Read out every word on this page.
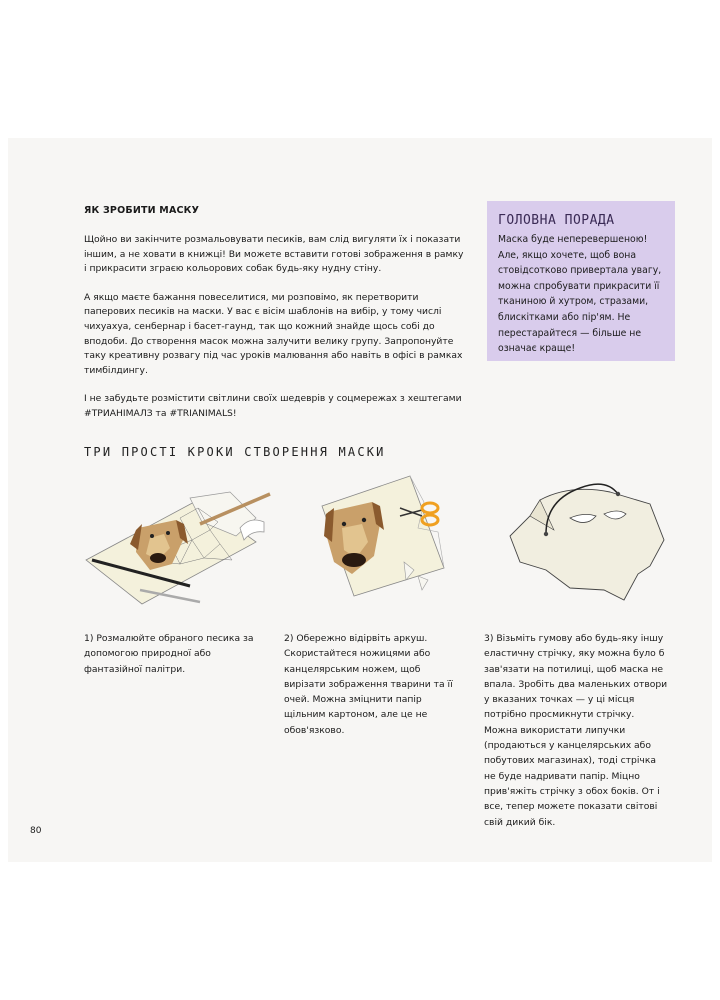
ЯК ЗРОБИТИ МАСКУ

Щойно ви закінчите розмальовувати песиків, вам слід вигуляти їх і показати іншим, а не ховати в книжці! Ви можете вставити готові зображення в рамку і прикрасити зграєю кольорових собак будь-яку нудну стіну.

А якщо маєте бажання повеселитися, ми розповімо, як перетворити паперових песиків на маски. У вас є вісім шаблонів на вибір, у тому числі чихуахуа, сенбернар і басет-гаунд, так що кожний знайде щось собі до вподоби. До створення масок можна залучити велику групу. Запропонуйте таку креативну розвагу під час уроків малювання або навіть в офісі в рамках тимбілдингу.

І не забудьте розмістити світлини своїх шедеврів у соцмережах з хештегами #ТРИАНІМАЛЗ та #TRIANIMALS!

ГОЛОВНА ПОРАДА
Маска буде неперевершеною! Але, якщо хочете, щоб вона стовідсотково привертала увагу, можна спробувати прикрасити її тканиною й хутром, стразами, блискітками або пір'ям. Не перестарайтеся — більше не означає краще!
ТРИ ПРОСТІ КРОКИ СТВОРЕННЯ МАСКИ
1) Розмалюйте обраного песика за допомогою природної або фантазійної палітри.
2) Обережно відірвіть аркуш. Скористайтеся ножицями або канцелярським ножем, щоб вирізати зображення тварини та її очей. Можна зміцнити папір щільним картоном, але це не обов'язково.
3) Візьміть гумову або будь-яку іншу еластичну стрічку, яку можна було б зав'язати на потилиці, щоб маска не впала. Зробіть два маленьких отвори у вказаних точках — у ці місця потрібно просмикнути стрічку. Можна використати липучки (продаються у канцелярських або побутових магазинах), тоді стрічка не буде надривати папір. Міцно прив'яжіть стрічку з обох боків. От і все, тепер можете показати світові свій дикий бік.
80
